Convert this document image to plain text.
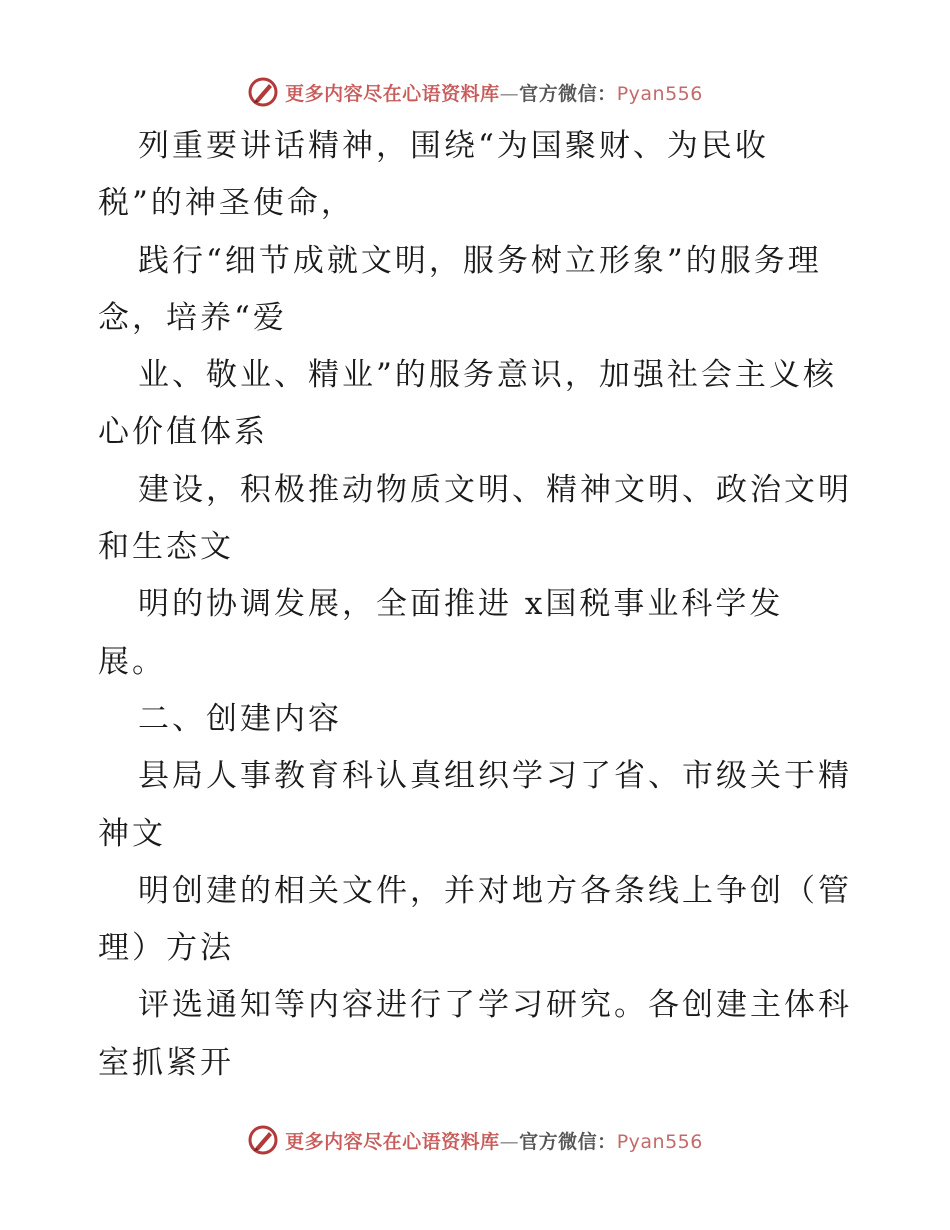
更多内容尽在心语资料库—官方微信：Pyan556
列重要讲话精神，围绕“为国聚财、为民收
税”的神圣使命，
践行“细节成就文明，服务树立形象”的服务理
念，培养“爱
业、敬业、精业”的服务意识，加强社会主义核
心价值体系
建设，积极推动物质文明、精神文明、政治文明
和生态文
明的协调发展，全面推进 x国税事业科学发
展。
二、创建内容
县局人事教育科认真组织学习了省、市级关于精
神文
明创建的相关文件，并对地方各条线上争创（管
理）方法
评选通知等内容进行了学习研究。各创建主体科
室抓紧开
更多内容尽在心语资料库—官方微信：Pyan556
